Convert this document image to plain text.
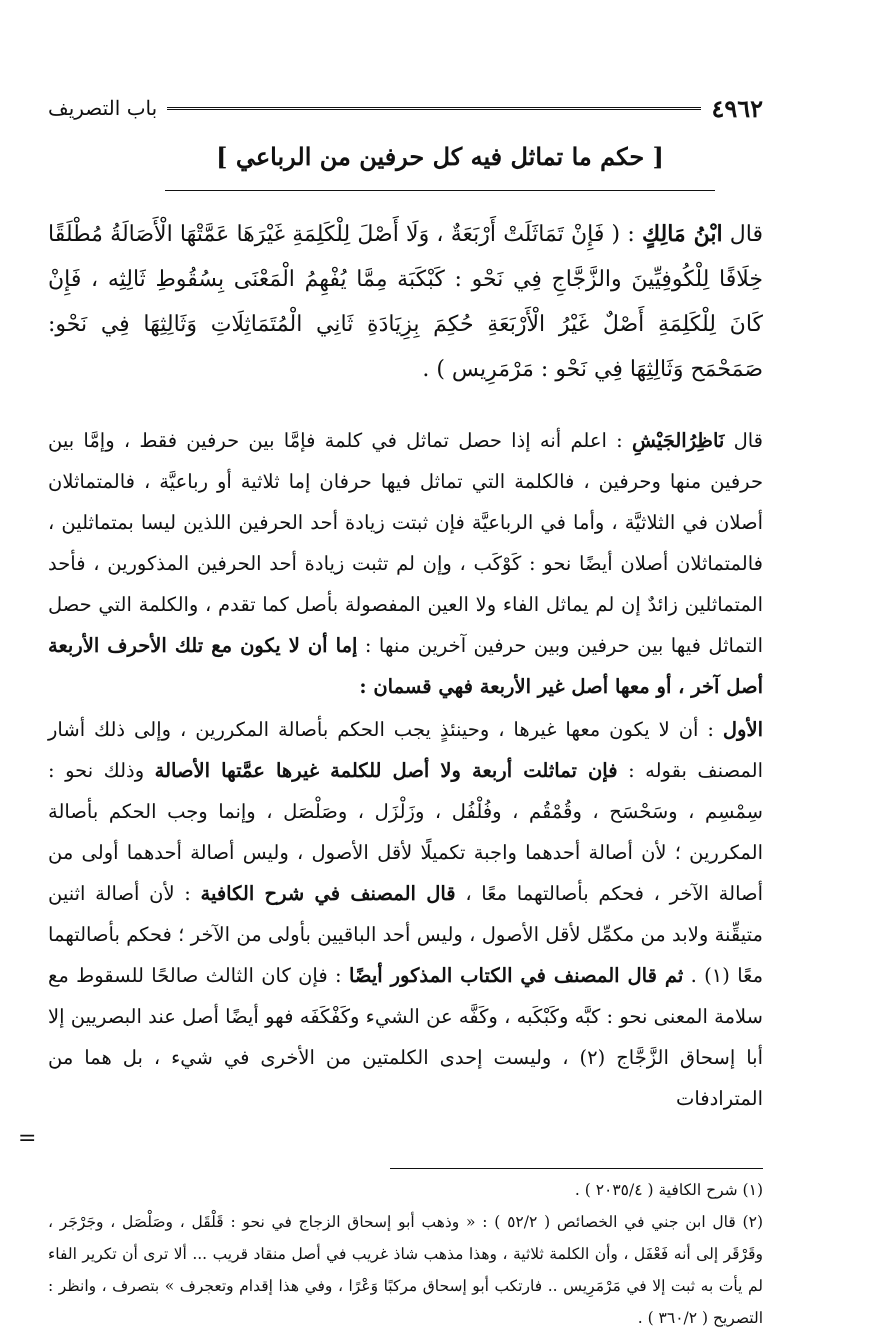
٤٩٦٢
باب التصريف
[ حكم ما تماثل فيه كل حرفين من الرباعي ]

قال ابْنُ مَالِكٍ : ( فَإِنْ تَمَاثَلَتْ أَرْبَعَةٌ ، وَلَا أَصْلَ لِلْكَلِمَةِ غَيْرَهَا عَمَّتْهَا الْأَصَالَةُ مُطْلَقًا خِلَافًا لِلْكُوفِيِّينَ والزَّجَّاجِ فِي نَحْو : كَبْكَبَة مِمَّا يُفْهِمُ الْمَعْنَى بِسُقُوطِ ثَالِثِه ، فَإِنْ كَانَ لِلْكَلِمَةِ أَصْلٌ غَيْرُ الْأَرْبَعَةِ حُكِمَ بِزِيَادَةِ ثَانِي الْمُتَمَاثِلَاتِ وَثَالِثِهَا فِي نَحْو: صَمَحْمَح وَثَالِثِهَا فِي نَحْو : مَرْمَرِيس ) .

قال نَاظِرُالجَيْشِ : اعلم أنه إذا حصل تماثل في كلمة فإمَّا بين حرفين فقط ، وإمَّا بين حرفين منها وحرفين ، فالكلمة التي تماثل فيها حرفان إما ثلاثية أو رباعيَّة ، فالمتماثلان أصلان في الثلاثيَّة ، وأما في الرباعيَّة فإن ثبتت زيادة أحد الحرفين اللذين ليسا بمتماثلين ، فالمتماثلان أصلان أيضًا نحو : كَوْكَب ، وإن لم تثبت زيادة أحد الحرفين المذكورين ، فأحد المتماثلين زائدٌ إن لم يماثل الفاء ولا العين المفصولة بأصل كما تقدم ، والكلمة التي حصل التماثل فيها بين حرفين وبين حرفين آخرين منها : إما أن لا يكون مع تلك الأحرف الأربعة أصل آخر ، أو معها أصل غير الأربعة فهي قسمان :

الأول : أن لا يكون معها غيرها ، وحينئذٍ يجب الحكم بأصالة المكررين ، وإلى ذلك أشار المصنف بقوله : فإن تماثلت أربعة ولا أصل للكلمة غيرها عمَّتها الأصالة وذلك نحو : سِمْسِم ، وسَحْسَح ، وقُمْقُم ، وفُلْفُل ، وزَلْزَل ، وصَلْصَل ، وإنما وجب الحكم بأصالة المكررين ؛ لأن أصالة أحدهما واجبة تكميلًا لأقل الأصول ، وليس أصالة أحدهما أولى من أصالة الآخر ، فحكم بأصالتهما معًا ، قال المصنف في شرح الكافية : لأن أصالة اثنين متيقِّنة ولابد من مكمِّل لأقل الأصول ، وليس أحد الباقيين بأولى من الآخر ؛ فحكم بأصالتهما معًا (١) . ثم قال المصنف في الكتاب المذكور أيضًا : فإن كان الثالث صالحًا للسقوط مع سلامة المعنى نحو : كبَّه وكَبْكَبه ، وكَفَّه عن الشيء وكَفْكَفَه فهو أيضًا أصل عند البصريين إلا أبا إسحاق الزَّجَّاج (٢) ، وليست إحدى الكلمتين من الأخرى في شيء ، بل هما من المترادفات

=

(١) شرح الكافية ( ٢٠٣٥/٤ ) .

(٢) قال ابن جني في الخصائص ( ٥٢/٢ ) : « وذهب أبو إسحاق الزجاج في نحو : قَلْقَل ، وصَلْصَل ، وجَرْجَر ، وقَرْقَر إلى أنه فَعْفَل ، وأن الكلمة ثلاثية ، وهذا مذهب شاذ غريب في أصل منقاد قريب ... ألا ترى أن تكرير الفاء لم يأت به ثبت إلا في مَرْمَرِيس .. فارتكب أبو إسحاق مركبًا وَعْرًا ، وفي هذا إقدام وتعجرف » بتصرف ، وانظر : التصريح ( ٣٦٠/٢ ) .
